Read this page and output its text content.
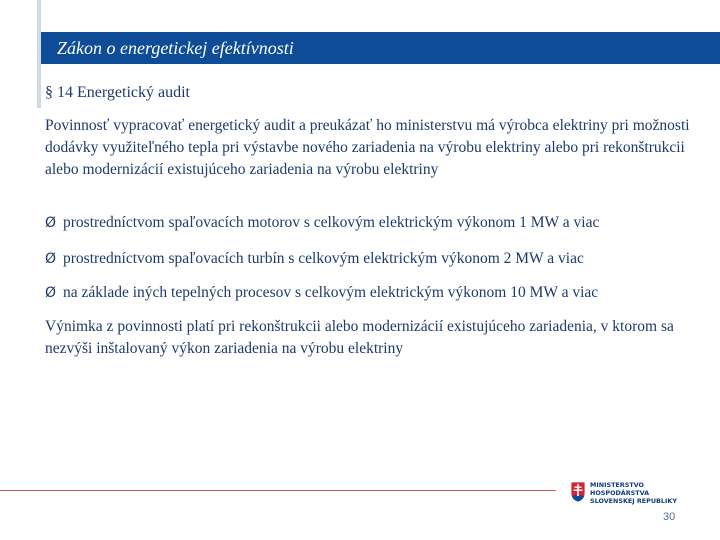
Zákon o energetickej efektívnosti
§ 14 Energetický audit

Povinnosť vypracovať energetický audit a preukázať ho ministerstvu má výrobca elektriny pri možnosti dodávky využiteľného tepla pri výstavbe nového zariadenia na výrobu elektriny alebo pri rekonštrukcii alebo modernizácií existujúceho zariadenia na výrobu elektriny

Ø prostredníctvom spaľovacích motorov s celkovým elektrickým výkonom 1 MW a viac
Ø prostredníctvom spaľovacích turbín s celkovým elektrickým výkonom 2 MW a viac
Ø na základe iných tepelných procesov s celkovým elektrickým výkonom 10 MW a viac

Výnimka z povinnosti platí pri rekonštrukcii alebo modernizácií existujúceho zariadenia, v ktorom sa nezvýši inštalovaný výkon zariadenia na výrobu elektriny

MINISTERSTVO
HOSPODÁRSTVA
SLOVENSKEJ REPUBLIKY
30
